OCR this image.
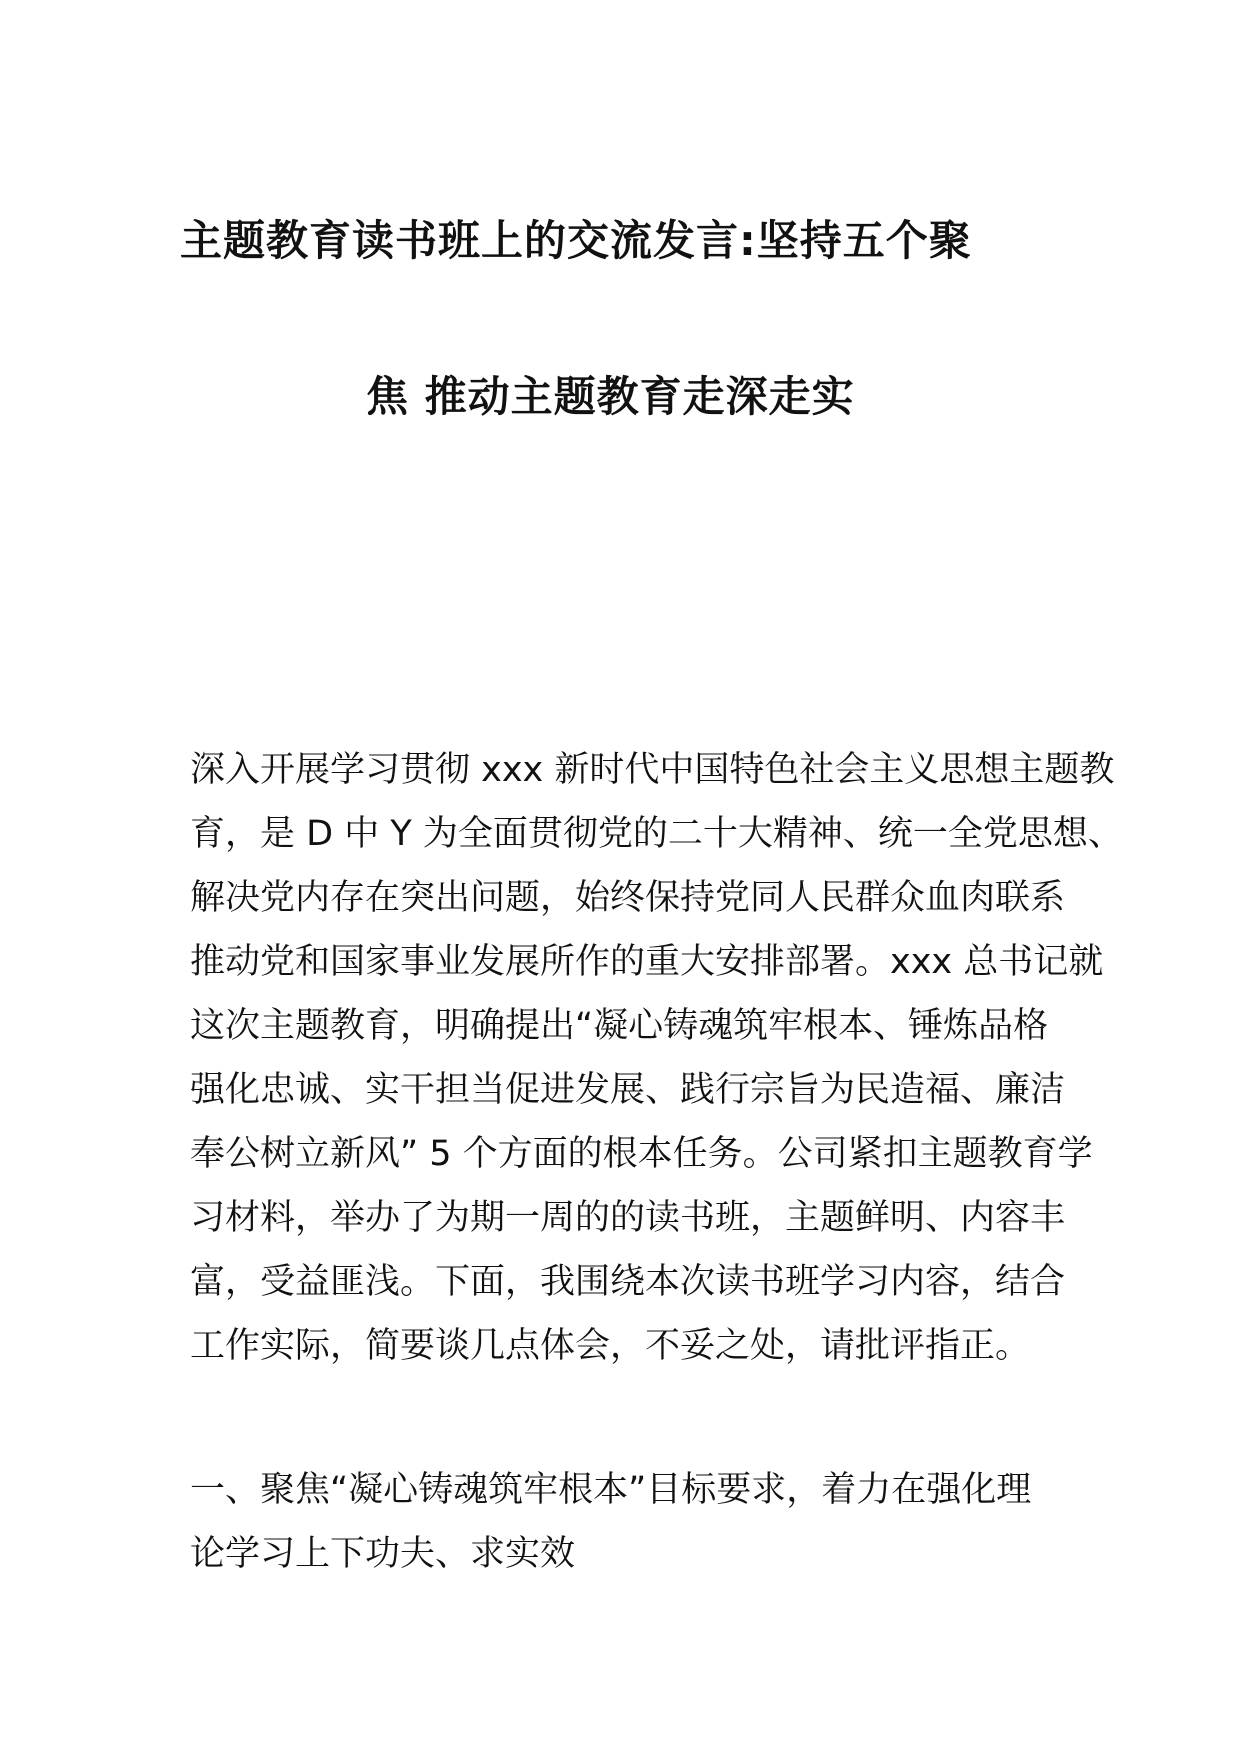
主题教育读书班上的交流发言:坚持五个聚
焦 推动主题教育走深走实
深入开展学习贯彻 xxx 新时代中国特色社会主义思想主题教
育，是 D 中 Y 为全面贯彻党的二十大精神、统一全党思想、
解决党内存在突出问题，始终保持党同人民群众血肉联系
推动党和国家事业发展所作的重大安排部署。xxx 总书记就
这次主题教育，明确提出“凝心铸魂筑牢根本、锤炼品格
强化忠诚、实干担当促进发展、践行宗旨为民造福、廉洁
奉公树立新风” 5 个方面的根本任务。公司紧扣主题教育学
习材料，举办了为期一周的的读书班，主题鲜明、内容丰
富，受益匪浅。下面，我围绕本次读书班学习内容，结合
工作实际，简要谈几点体会，不妥之处，请批评指正。
一、聚焦“凝心铸魂筑牢根本”目标要求，着力在强化理
论学习上下功夫、求实效
